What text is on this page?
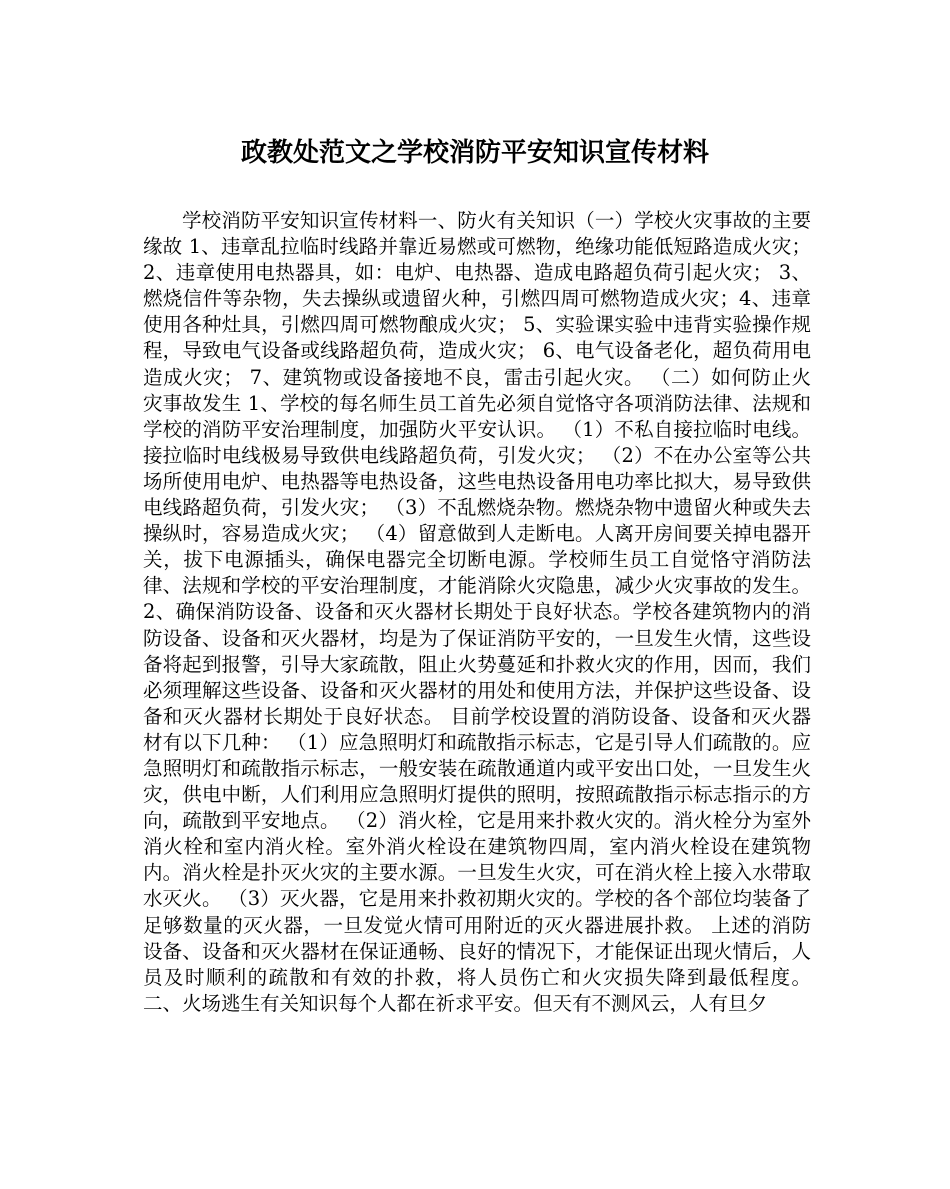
政教处范文之学校消防平安知识宣传材料

学校消防平安知识宣传材料一、防火有关知识（一）学校火灾事故的主要缘故 1、违章乱拉临时线路并靠近易燃或可燃物，绝缘功能低短路造成火灾； 2、违章使用电热器具，如：电炉、电热器、造成电路超负荷引起火灾； 3、燃烧信件等杂物，失去操纵或遗留火种，引燃四周可燃物造成火灾；4、违章使用各种灶具，引燃四周可燃物酿成火灾； 5、实验课实验中违背实验操作规程，导致电气设备或线路超负荷，造成火灾； 6、电气设备老化，超负荷用电造成火灾； 7、建筑物或设备接地不良，雷击引起火灾。 （二）如何防止火灾事故发生 1、学校的每名师生员工首先必须自觉恪守各项消防法律、法规和学校的消防平安治理制度，加强防火平安认识。 （1）不私自接拉临时电线。接拉临时电线极易导致供电线路超负荷，引发火灾； （2）不在办公室等公共场所使用电炉、电热器等电热设备，这些电热设备用电功率比拟大，易导致供电线路超负荷，引发火灾； （3）不乱燃烧杂物。燃烧杂物中遗留火种或失去操纵时，容易造成火灾； （4）留意做到人走断电。人离开房间要关掉电器开关，拔下电源插头，确保电器完全切断电源。学校师生员工自觉恪守消防法律、法规和学校的平安治理制度，才能消除火灾隐患，减少火灾事故的发生。 2、确保消防设备、设备和灭火器材长期处于良好状态。学校各建筑物内的消防设备、设备和灭火器材，均是为了保证消防平安的，一旦发生火情，这些设备将起到报警，引导大家疏散，阻止火势蔓延和扑救火灾的作用，因而，我们必须理解这些设备、设备和灭火器材的用处和使用方法，并保护这些设备、设备和灭火器材长期处于良好状态。 目前学校设置的消防设备、设备和灭火器材有以下几种： （1）应急照明灯和疏散指示标志，它是引导人们疏散的。应急照明灯和疏散指示标志，一般安装在疏散通道内或平安出口处，一旦发生火灾，供电中断，人们利用应急照明灯提供的照明，按照疏散指示标志指示的方向，疏散到平安地点。 （2）消火栓，它是用来扑救火灾的。消火栓分为室外消火栓和室内消火栓。室外消火栓设在建筑物四周，室内消火栓设在建筑物内。消火栓是扑灭火灾的主要水源。一旦发生火灾，可在消火栓上接入水带取水灭火。 （3）灭火器，它是用来扑救初期火灾的。学校的各个部位均装备了足够数量的灭火器，一旦发觉火情可用附近的灭火器进展扑救。 上述的消防设备、设备和灭火器材在保证通畅、良好的情况下，才能保证出现火情后，人员及时顺利的疏散和有效的扑救，将人员伤亡和火灾损失降到最低程度。 二、火场逃生有关知识每个人都在祈求平安。但天有不测风云，人有旦夕
